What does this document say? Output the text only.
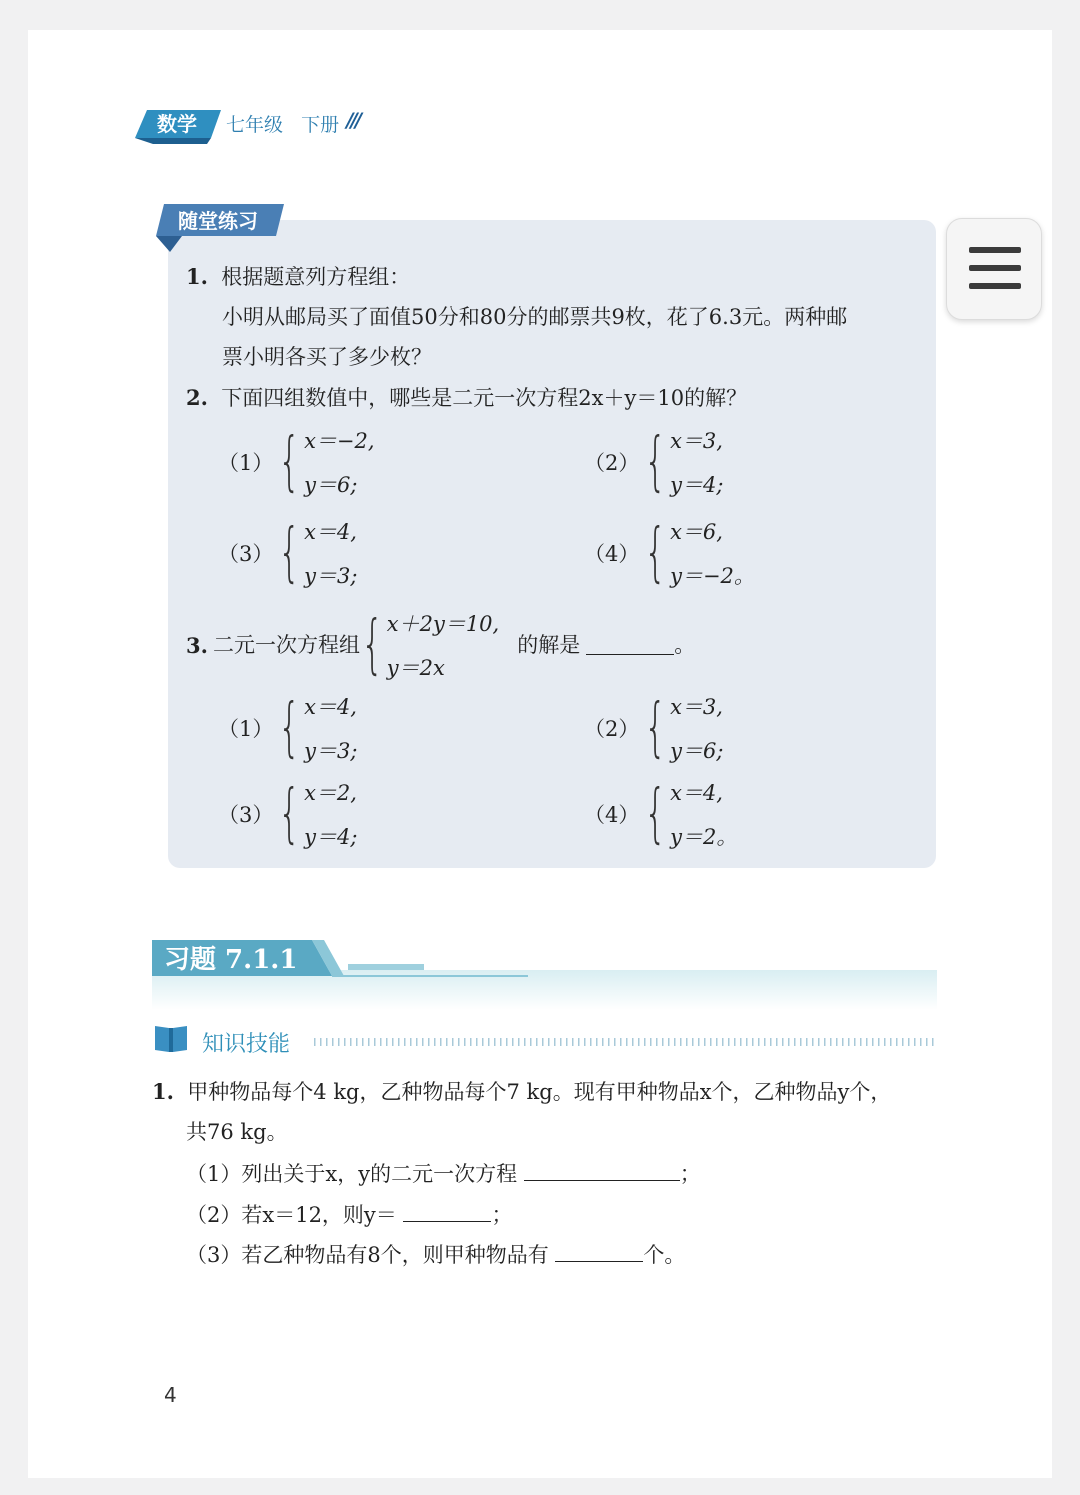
数学 七年级 下册 ///
随堂练习
1. 根据题意列方程组：
小明从邮局买了面值50分和80分的邮票共9枚，花了6.3元。两种邮
票小明各买了多少枚？
2. 下面四组数值中，哪些是二元一次方程2x＋y＝10的解？
（1） { x＝−2,
y＝6;
（2） { x＝3,
y＝4;
（3） { x＝4,
y＝3;
（4） { x＝6,
y＝−2。
3.
二元一次方程组 { x＋2y＝10,
y＝2x
的解是	。
（1） { x＝4,
y＝3;
（2） { x＝3,
y＝6;
（3） { x＝2,
y＝4;
（4） { x＝4,
y＝2。
习题 7.1.1
知识技能
1. 甲种物品每个4 kg，乙种物品每个7 kg。现有甲种物品x个，乙种物品y个，
共76 kg。
（1）列出关于x，y的二元一次方程	；
（2）若x＝12，则y＝	；
（3）若乙种物品有8个，则甲种物品有	个。
4
